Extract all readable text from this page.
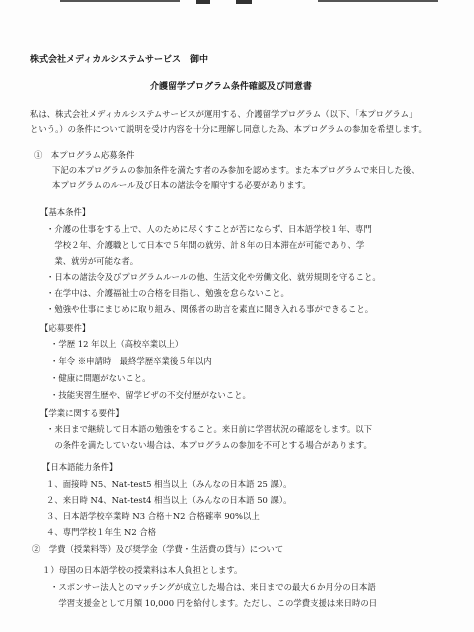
株式会社メディカルシステムサービス　御中
介護留学プログラム条件確認及び同意書
私は、株式会社メディカルシステムサービスが運用する、介護留学プログラム（以下、「本プログラム」
という。）の条件について説明を受け内容を十分に理解し同意した為、本プログラムの参加を希望します。
①　本プログラム応募条件
下記の本プログラムの参加条件を満たす者のみ参加を認めます。また本プログラムで来日した後、
本プログラムのルール及び日本の諸法令を順守する必要があります。
【基本条件】
・介護の仕事をする上で、人のために尽くすことが苦にならず、日本語学校１年、専門
　学校２年、介護職として日本で５年間の就労、計８年の日本滞在が可能であり、学
　業、就労が可能な者。
・日本の諸法令及びプログラムルールの他、生活文化や労働文化、就労規則を守ること。
・在学中は、介護福祉士の合格を目指し、勉強を怠らないこと。
・勉強や仕事にまじめに取り組み、関係者の助言を素直に聞き入れる事ができること。
【応募要件】
・学歴 12 年以上（高校卒業以上）
・年令 ※申請時　最終学歴卒業後５年以内
・健康に問題がないこと。
・技能実習生歴や、留学ビザの不交付歴がないこと。
【学業に関する要件】
・来日まで継続して日本語の勉強をすること。来日前に学習状況の確認をします。以下
　の条件を満たしていない場合は、本プログラムの参加を不可とする場合があります。
【日本語能力条件】
１、面接時 N5、Nat-test5 相当以上（みんなの日本語 25 課）。
２、来日時 N4、Nat-test4 相当以上（みんなの日本語 50 課）。
３、日本語学校卒業時 N3 合格＋N2 合格確率 90%以上
４、専門学校１年生 N2 合格
②　学費（授業料等）及び奨学金（学費・生活費の貸与）について
１）母国の日本語学校の授業料は本人負担とします。
・スポンサー法人とのマッチングが成立した場合は、来日までの最大６か月分の日本語
　学習支援金として月額 10,000 円を給付します。ただし、この学費支援は来日時の日
